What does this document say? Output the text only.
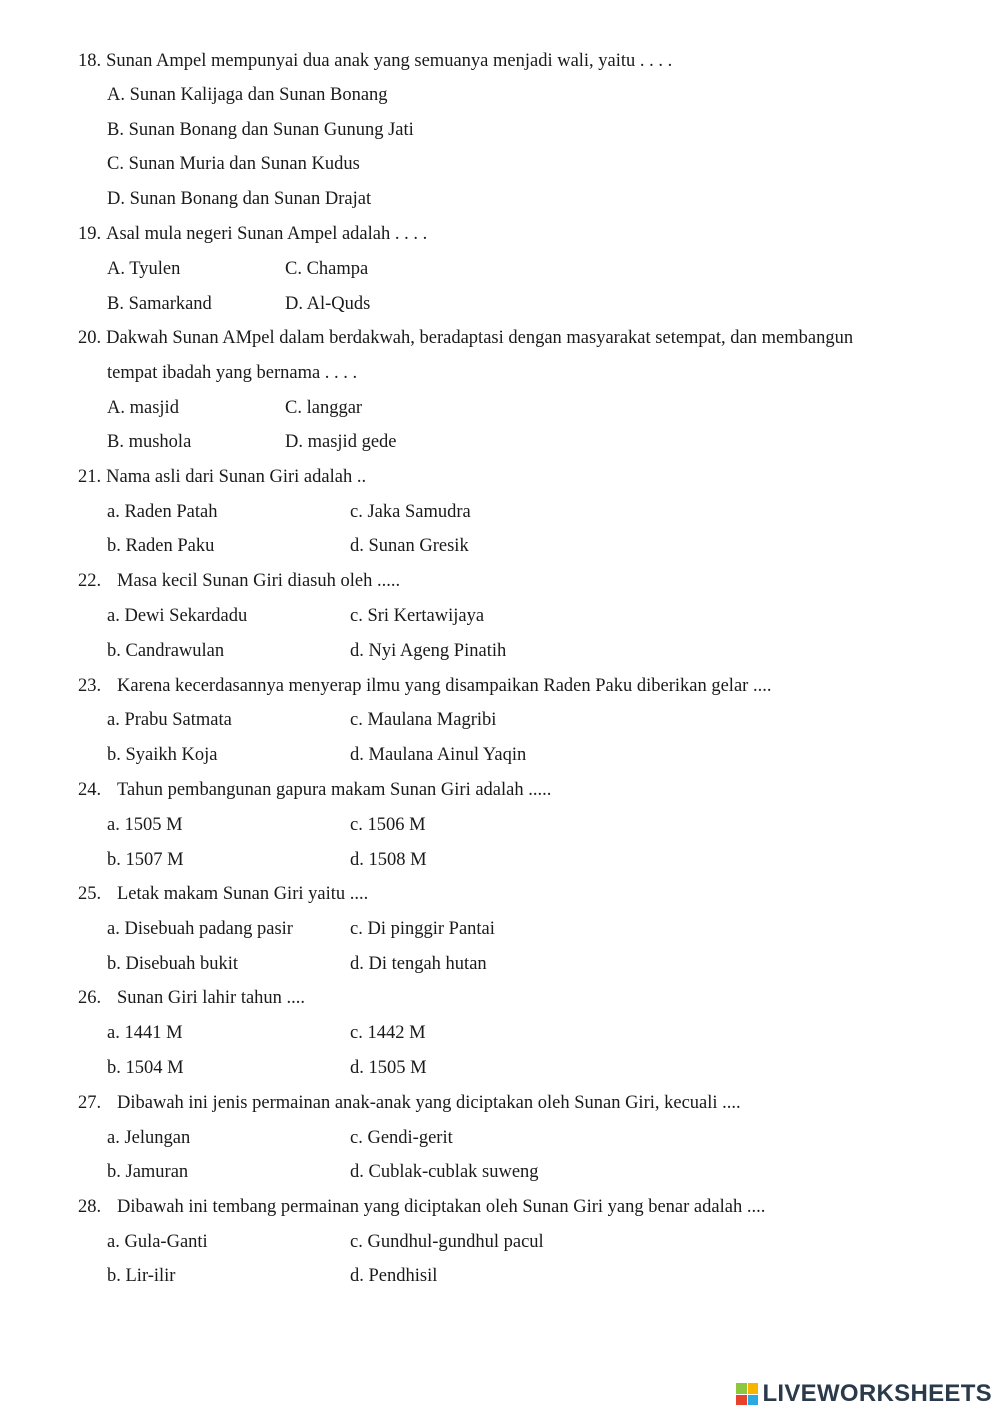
18. Sunan Ampel mempunyai dua anak yang semuanya menjadi wali, yaitu . . . .
A. Sunan Kalijaga dan Sunan Bonang
B. Sunan Bonang dan Sunan Gunung Jati
C. Sunan Muria dan Sunan Kudus
D. Sunan Bonang dan Sunan Drajat
19. Asal mula negeri Sunan Ampel adalah . . . .
A. Tyulen	C. Champa
B. Samarkand	D. Al-Quds
20. Dakwah Sunan AMpel dalam berdakwah, beradaptasi dengan masyarakat setempat, dan membangun
tempat ibadah yang bernama . . . .
A. masjid	C. langgar
B. mushola	D. masjid gede
21. Nama asli dari Sunan Giri adalah ..
a. Raden Patah	c. Jaka Samudra
b. Raden Paku	d. Sunan Gresik
22. Masa kecil Sunan Giri diasuh oleh .....
a. Dewi Sekardadu	c. Sri Kertawijaya
b. Candrawulan	d. Nyi Ageng Pinatih
23. Karena kecerdasannya menyerap ilmu yang disampaikan Raden Paku diberikan gelar ....
a. Prabu Satmata	c. Maulana Magribi
b. Syaikh Koja	d. Maulana Ainul Yaqin
24. Tahun pembangunan gapura makam Sunan Giri adalah .....
a. 1505 M	c. 1506 M
b. 1507 M	d. 1508 M
25. Letak makam Sunan Giri yaitu ....
a. Disebuah padang pasir	c. Di pinggir Pantai
b. Disebuah bukit	d. Di tengah hutan
26. Sunan Giri lahir tahun ....
a. 1441 M	c. 1442 M
b. 1504 M	d. 1505 M
27. Dibawah ini jenis permainan anak-anak yang diciptakan oleh Sunan Giri, kecuali ....
a. Jelungan	c. Gendi-gerit
b. Jamuran	d. Cublak-cublak suweng
28. Dibawah ini tembang permainan yang diciptakan oleh Sunan Giri yang benar adalah ....
a. Gula-Ganti	c. Gundhul-gundhul pacul
b. Lir-ilir	d. Pendhisil
LIVEWORKSHEETS
